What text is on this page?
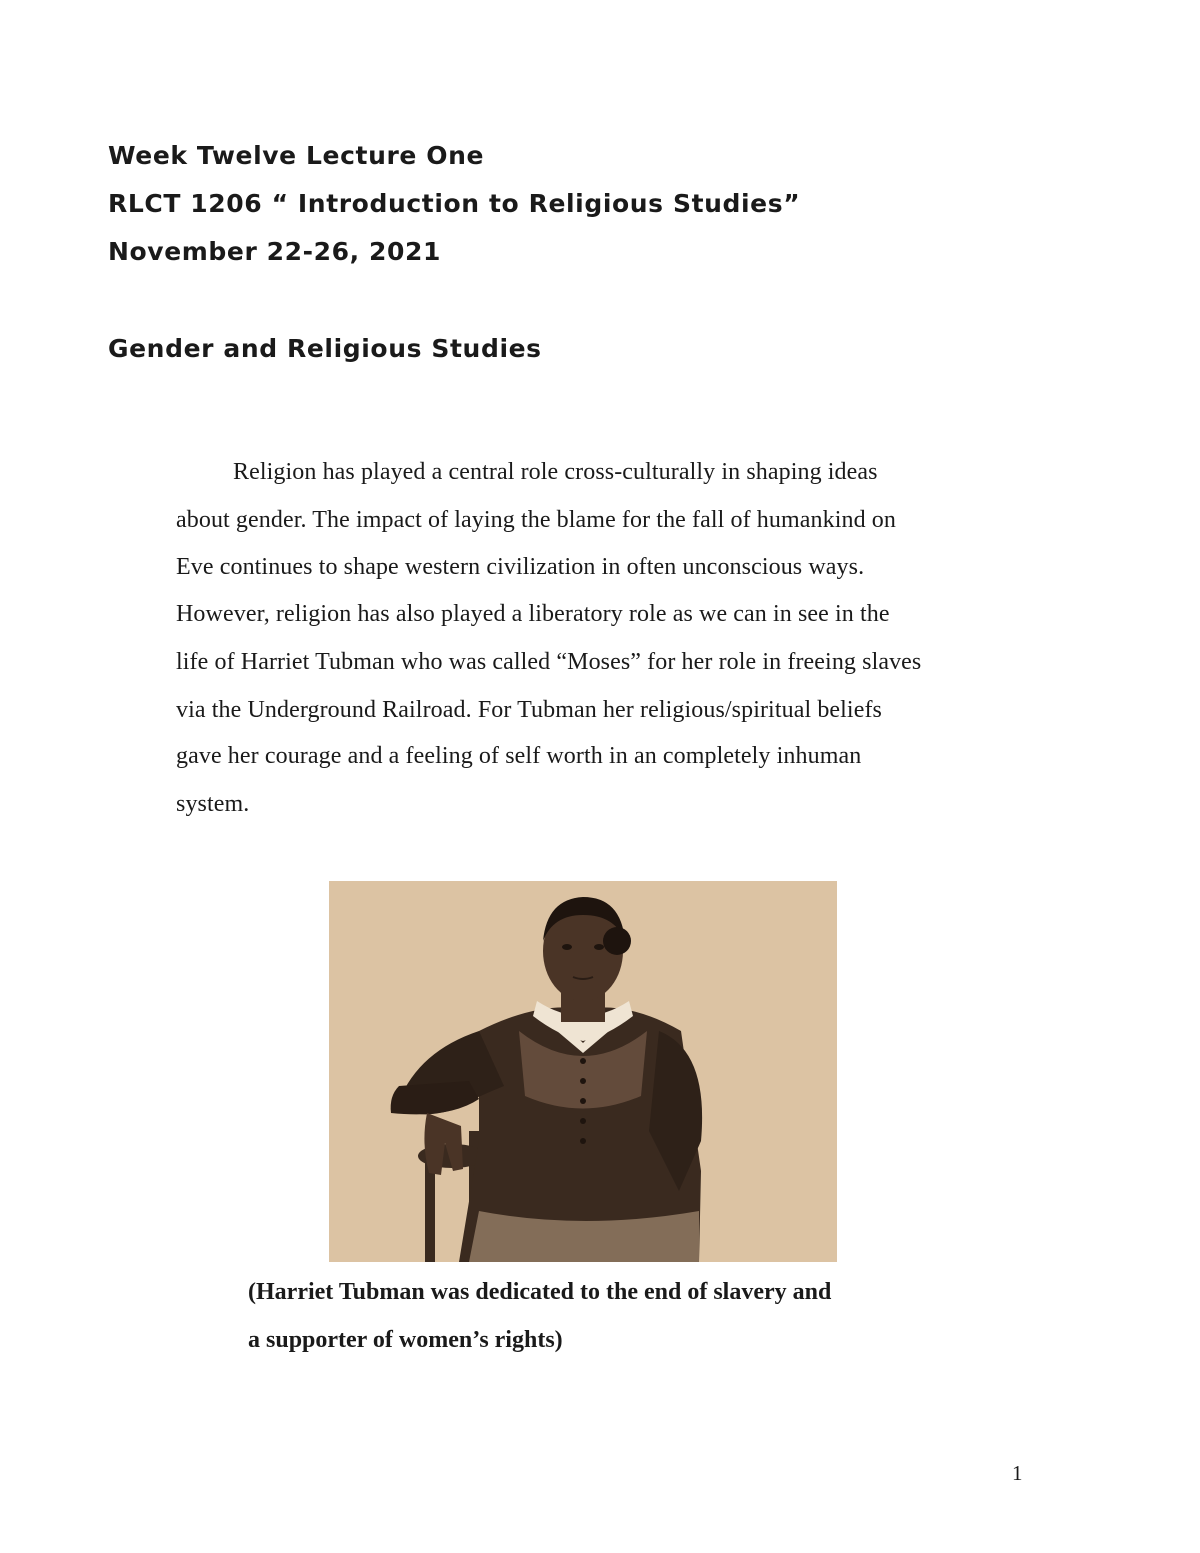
Week Twelve Lecture One
RLCT 1206 “ Introduction to Religious Studies”
November 22-26, 2021
Gender and Religious Studies
Religion has played a central role cross-culturally in shaping ideas
about gender. The impact of laying the blame for the fall of humankind on
Eve continues to shape western civilization in often unconscious ways.
However, religion has also played a liberatory role as we can in see in the
life of Harriet Tubman who was called “Moses” for her role in freeing slaves
via the Underground Railroad. For Tubman her religious/spiritual beliefs
gave her courage and a feeling of self worth in an completely inhuman
system.
(Harriet Tubman was dedicated to the end of slavery and
a supporter of women’s rights)
1
